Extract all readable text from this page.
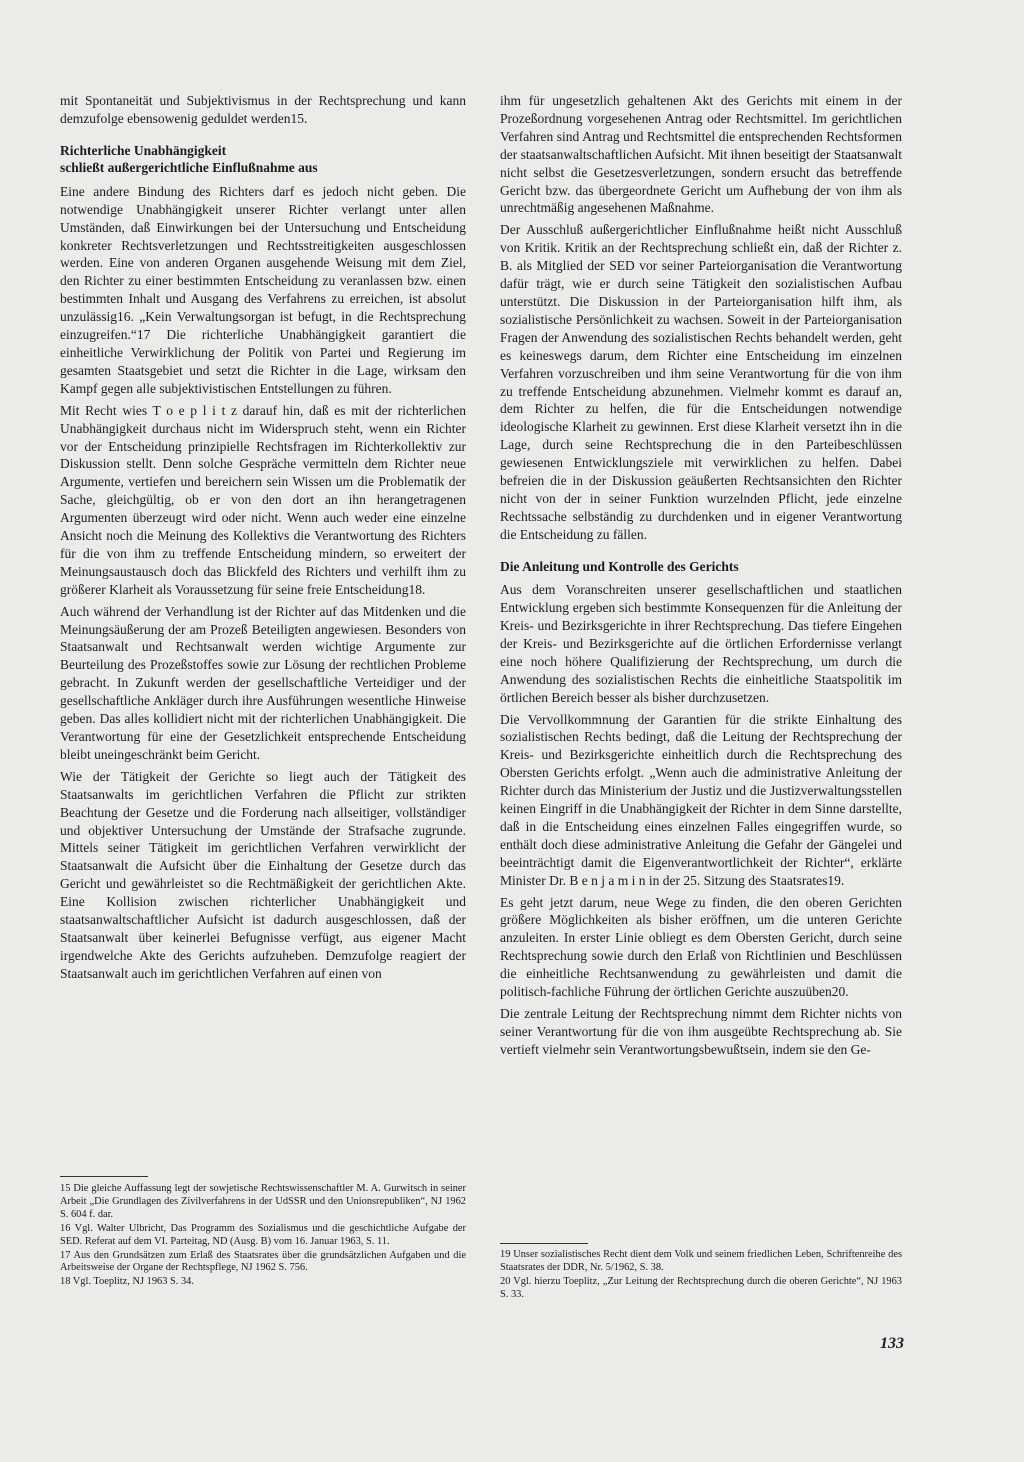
mit Spontaneität und Subjektivismus in der Rechtsprechung und kann demzufolge ebensowenig geduldet werden15.

Richterliche Unabhängigkeit
schließt außergerichtliche Einflußnahme aus

Eine andere Bindung des Richters darf es jedoch nicht geben. Die notwendige Unabhängigkeit unserer Richter verlangt unter allen Umständen, daß Einwirkungen bei der Untersuchung und Entscheidung konkreter Rechtsverletzungen und Rechtsstreitigkeiten ausgeschlossen werden. Eine von anderen Organen ausgehende Weisung mit dem Ziel, den Richter zu einer bestimmten Entscheidung zu veranlassen bzw. einen bestimmten Inhalt und Ausgang des Verfahrens zu erreichen, ist absolut unzulässig16. „Kein Verwaltungsorgan ist befugt, in die Rechtsprechung einzugreifen.“17 Die richterliche Unabhängigkeit garantiert die einheitliche Verwirklichung der Politik von Partei und Regierung im gesamten Staatsgebiet und setzt die Richter in die Lage, wirksam den Kampf gegen alle subjektivistischen Entstellungen zu führen.

Mit Recht wies T o e p l i t z darauf hin, daß es mit der richterlichen Unabhängigkeit durchaus nicht im Widerspruch steht, wenn ein Richter vor der Entscheidung prinzipielle Rechtsfragen im Richterkollektiv zur Diskussion stellt. Denn solche Gespräche vermitteln dem Richter neue Argumente, vertiefen und bereichern sein Wissen um die Problematik der Sache, gleichgültig, ob er von den dort an ihn herangetragenen Argumenten überzeugt wird oder nicht. Wenn auch weder eine einzelne Ansicht noch die Meinung des Kollektivs die Verantwortung des Richters für die von ihm zu treffende Entscheidung mindern, so erweitert der Meinungsaustausch doch das Blickfeld des Richters und verhilft ihm zu größerer Klarheit als Voraussetzung für seine freie Entscheidung18.

Auch während der Verhandlung ist der Richter auf das Mitdenken und die Meinungsäußerung der am Prozeß Beteiligten angewiesen. Besonders von Staatsanwalt und Rechtsanwalt werden wichtige Argumente zur Beurteilung des Prozeßstoffes sowie zur Lösung der rechtlichen Probleme gebracht. In Zukunft werden der gesellschaftliche Verteidiger und der gesellschaftliche Ankläger durch ihre Ausführungen wesentliche Hinweise geben. Das alles kollidiert nicht mit der richterlichen Unabhängigkeit. Die Verantwortung für eine der Gesetzlichkeit entsprechende Entscheidung bleibt uneingeschränkt beim Gericht.

Wie der Tätigkeit der Gerichte so liegt auch der Tätigkeit des Staatsanwalts im gerichtlichen Verfahren die Pflicht zur strikten Beachtung der Gesetze und die Forderung nach allseitiger, vollständiger und objektiver Untersuchung der Umstände der Strafsache zugrunde. Mittels seiner Tätigkeit im gerichtlichen Verfahren verwirklicht der Staatsanwalt die Aufsicht über die Einhaltung der Gesetze durch das Gericht und gewährleistet so die Rechtmäßigkeit der gerichtlichen Akte. Eine Kollision zwischen richterlicher Unabhängigkeit und staatsanwaltschaftlicher Aufsicht ist dadurch ausgeschlossen, daß der Staatsanwalt über keinerlei Befugnisse verfügt, aus eigener Macht irgendwelche Akte des Gerichts aufzuheben. Demzufolge reagiert der Staatsanwalt auch im gerichtlichen Verfahren auf einen von

ihm für ungesetzlich gehaltenen Akt des Gerichts mit einem in der Prozeßordnung vorgesehenen Antrag oder Rechtsmittel. Im gerichtlichen Verfahren sind Antrag und Rechtsmittel die entsprechenden Rechtsformen der staatsanwaltschaftlichen Aufsicht. Mit ihnen beseitigt der Staatsanwalt nicht selbst die Gesetzesverletzungen, sondern ersucht das betreffende Gericht bzw. das übergeordnete Gericht um Aufhebung der von ihm als unrechtmäßig angesehenen Maßnahme.

Der Ausschluß außergerichtlicher Einflußnahme heißt nicht Ausschluß von Kritik. Kritik an der Rechtsprechung schließt ein, daß der Richter z. B. als Mitglied der SED vor seiner Parteiorganisation die Verantwortung dafür trägt, wie er durch seine Tätigkeit den sozialistischen Aufbau unterstützt. Die Diskussion in der Parteiorganisation hilft ihm, als sozialistische Persönlichkeit zu wachsen. Soweit in der Parteiorganisation Fragen der Anwendung des sozialistischen Rechts behandelt werden, geht es keineswegs darum, dem Richter eine Entscheidung im einzelnen Verfahren vorzuschreiben und ihm seine Verantwortung für die von ihm zu treffende Entscheidung abzunehmen. Vielmehr kommt es darauf an, dem Richter zu helfen, die für die Entscheidungen notwendige ideologische Klarheit zu gewinnen. Erst diese Klarheit versetzt ihn in die Lage, durch seine Rechtsprechung die in den Parteibeschlüssen gewiesenen Entwicklungsziele mit verwirklichen zu helfen. Dabei befreien die in der Diskussion geäußerten Rechtsansichten den Richter nicht von der in seiner Funktion wurzelnden Pflicht, jede einzelne Rechtssache selbständig zu durchdenken und in eigener Verantwortung die Entscheidung zu fällen.

Die Anleitung und Kontrolle des Gerichts

Aus dem Voranschreiten unserer gesellschaftlichen und staatlichen Entwicklung ergeben sich bestimmte Konsequenzen für die Anleitung der Kreis- und Bezirksgerichte in ihrer Rechtsprechung. Das tiefere Eingehen der Kreis- und Bezirksgerichte auf die örtlichen Erfordernisse verlangt eine noch höhere Qualifizierung der Rechtsprechung, um durch die Anwendung des sozialistischen Rechts die einheitliche Staatspolitik im örtlichen Bereich besser als bisher durchzusetzen.

Die Vervollkommnung der Garantien für die strikte Einhaltung des sozialistischen Rechts bedingt, daß die Leitung der Rechtsprechung der Kreis- und Bezirksgerichte einheitlich durch die Rechtsprechung des Obersten Gerichts erfolgt. „Wenn auch die administrative Anleitung der Richter durch das Ministerium der Justiz und die Justizverwaltungsstellen keinen Eingriff in die Unabhängigkeit der Richter in dem Sinne darstellte, daß in die Entscheidung eines einzelnen Falles eingegriffen wurde, so enthält doch diese administrative Anleitung die Gefahr der Gängelei und beeinträchtigt damit die Eigenverantwortlichkeit der Richter“, erklärte Minister Dr. B e n j a m i n in der 25. Sitzung des Staatsrates19.

Es geht jetzt darum, neue Wege zu finden, die den oberen Gerichten größere Möglichkeiten als bisher eröffnen, um die unteren Gerichte anzuleiten. In erster Linie obliegt es dem Obersten Gericht, durch seine Rechtsprechung sowie durch den Erlaß von Richtlinien und Beschlüssen die einheitliche Rechtsanwendung zu gewährleisten und damit die politisch-fachliche Führung der örtlichen Gerichte auszuüben20.

Die zentrale Leitung der Rechtsprechung nimmt dem Richter nichts von seiner Verantwortung für die von ihm ausgeübte Rechtsprechung ab. Sie vertieft vielmehr sein Verantwortungsbewußtsein, indem sie den Ge-

15 Die gleiche Auffassung legt der sowjetische Rechtswissenschaftler M. A. Gurwitsch in seiner Arbeit „Die Grundlagen des Zivilverfahrens in der UdSSR und den Unionsrepubliken“, NJ 1962 S. 604 f. dar.

16 Vgl. Walter Ulbricht, Das Programm des Sozialismus und die geschichtliche Aufgabe der SED. Referat auf dem VI. Parteitag, ND (Ausg. B) vom 16. Januar 1963, S. 11.

17 Aus den Grundsätzen zum Erlaß des Staatsrates über die grundsätzlichen Aufgaben und die Arbeitsweise der Organe der Rechtspflege, NJ 1962 S. 756.

18 Vgl. Toeplitz, NJ 1963 S. 34.

19 Unser sozialistisches Recht dient dem Volk und seinem friedlichen Leben, Schriftenreihe des Staatsrates der DDR, Nr. 5/1962, S. 38.

20 Vgl. hierzu Toeplitz, „Zur Leitung der Rechtsprechung durch die oberen Gerichte“, NJ 1963 S. 33.

133
